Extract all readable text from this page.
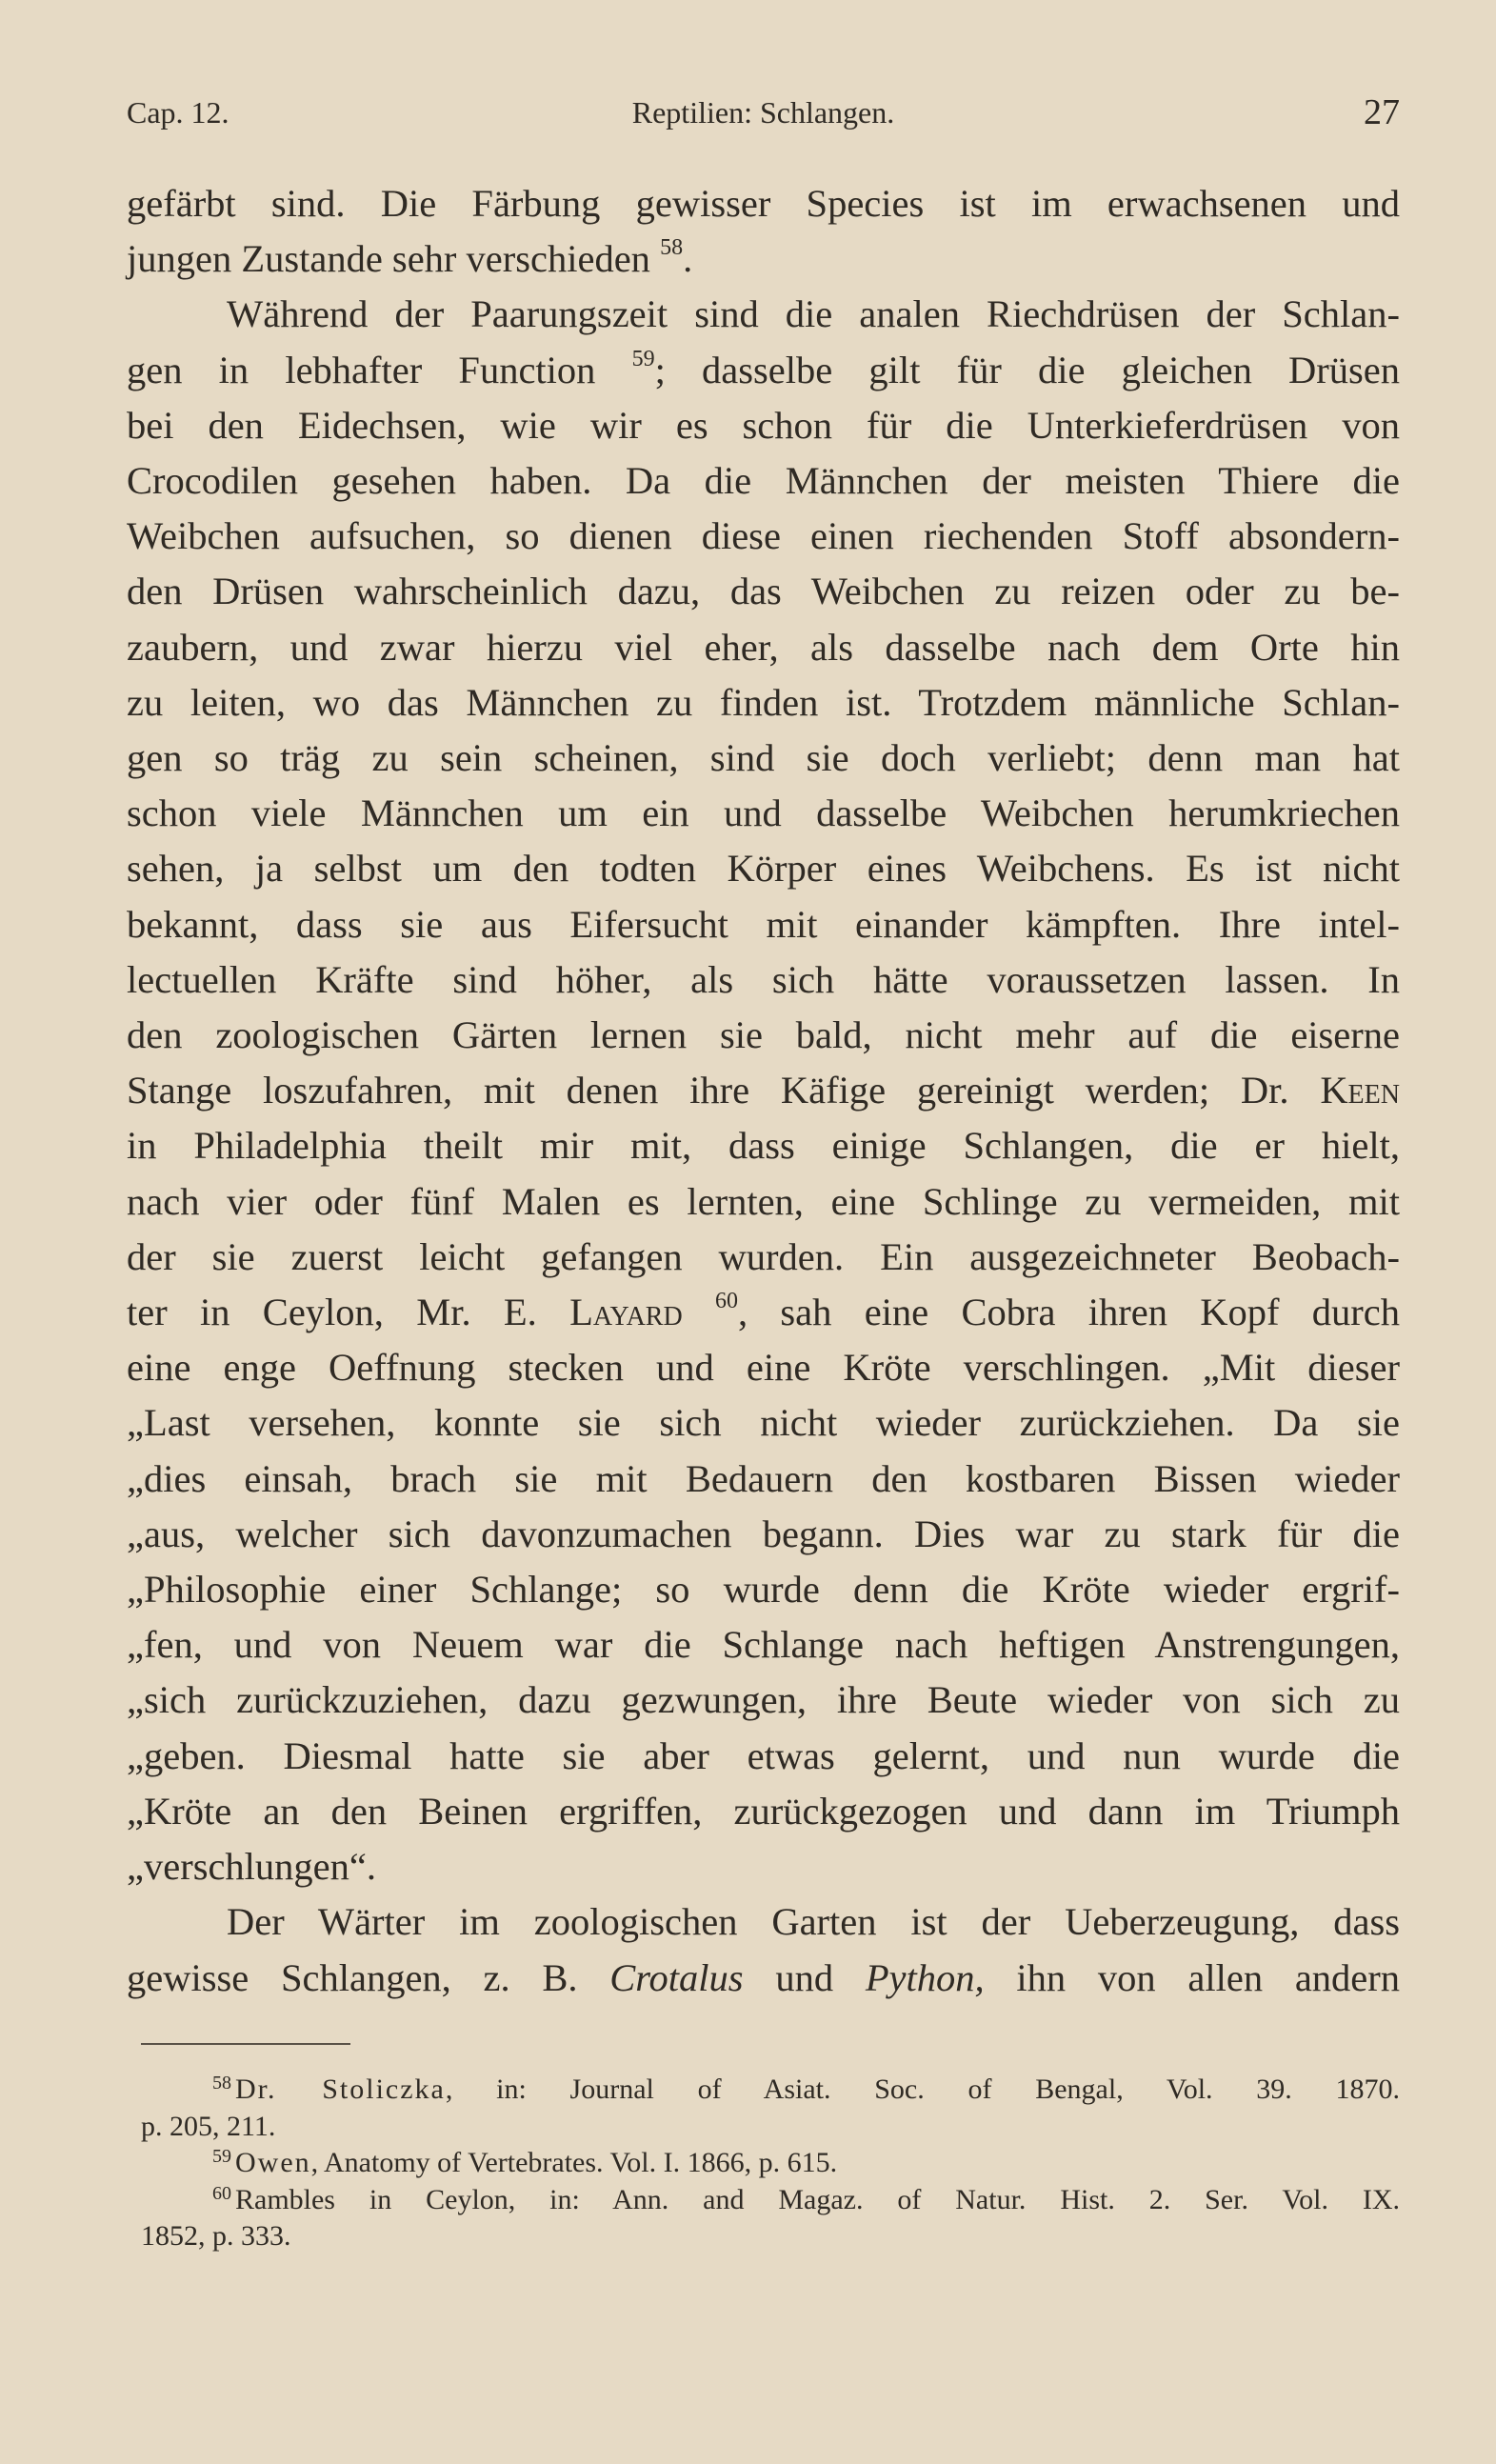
Cap. 12.	Reptilien: Schlangen.	27
gefärbt sind. Die Färbung gewisser Species ist im erwachsenen und
jungen Zustande sehr verschieden $^{58}$.
Während der Paarungszeit sind die analen Riechdrüsen der Schlan-
gen in lebhafter Function $^{59}$; dasselbe gilt für die gleichen Drüsen
bei den Eidechsen, wie wir es schon für die Unterkieferdrüsen von
Crocodilen gesehen haben. Da die Männchen der meisten Thiere die
Weibchen aufsuchen, so dienen diese einen riechenden Stoff absondern-
den Drüsen wahrscheinlich dazu, das Weibchen zu reizen oder zu be-
zaubern, und zwar hierzu viel eher, als dasselbe nach dem Orte hin
zu leiten, wo das Männchen zu finden ist. Trotzdem männliche Schlan-
gen so träg zu sein scheinen, sind sie doch verliebt; denn man hat
schon viele Männchen um ein und dasselbe Weibchen herumkriechen
sehen, ja selbst um den todten Körper eines Weibchens. Es ist nicht
bekannt, dass sie aus Eifersucht mit einander kämpften. Ihre intel-
lectuellen Kräfte sind höher, als sich hätte voraussetzen lassen. In
den zoologischen Gärten lernen sie bald, nicht mehr auf die eiserne
Stange loszufahren, mit denen ihre Käfige gereinigt werden; Dr. Keen
in Philadelphia theilt mir mit, dass einige Schlangen, die er hielt,
nach vier oder fünf Malen es lernten, eine Schlinge zu vermeiden, mit
der sie zuerst leicht gefangen wurden. Ein ausgezeichneter Beobach-
ter in Ceylon, Mr. E. Layard $^{60}$, sah eine Cobra ihren Kopf durch
eine enge Oeffnung stecken und eine Kröte verschlingen. „Mit dieser
„Last versehen, konnte sie sich nicht wieder zurückziehen. Da sie
„dies einsah, brach sie mit Bedauern den kostbaren Bissen wieder
„aus, welcher sich davonzumachen begann. Dies war zu stark für die
„Philosophie einer Schlange; so wurde denn die Kröte wieder ergrif-
„fen, und von Neuem war die Schlange nach heftigen Anstrengungen,
„sich zurückzuziehen, dazu gezwungen, ihre Beute wieder von sich zu
„geben. Diesmal hatte sie aber etwas gelernt, und nun wurde die
„Kröte an den Beinen ergriffen, zurückgezogen und dann im Triumph
„verschlungen“.
Der Wärter im zoologischen Garten ist der Ueberzeugung, dass
gewisse Schlangen, z. B. Crotalus und Python, ihn von allen andern
$^{58}$ Dr. Stoliczka, in: Journal of Asiat. Soc. of Bengal, Vol. 39. 1870.
p. 205, 211.
$^{59}$ Owen, Anatomy of Vertebrates. Vol. I. 1866, p. 615.
$^{60}$ Rambles in Ceylon, in: Ann. and Magaz. of Natur. Hist. 2. Ser. Vol. IX.
1852, p. 333.
